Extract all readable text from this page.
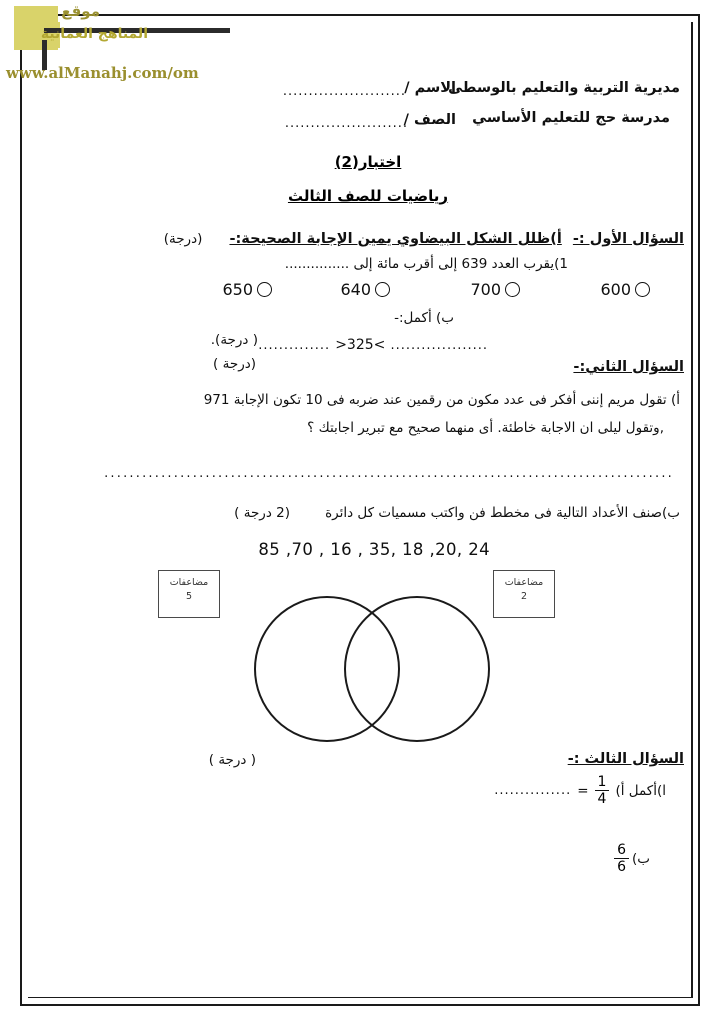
موقع
المناهج العمانية
www.alManahj.com/om
مديرية التربية والتعليم بالوسطى
مدرسة حج للتعليم الأساسي
الاسم /
........................
الصف /
........................
اختبار(2)
رياضيات للصف الثالث
السؤال الأول :- أ)ظلل الشكل البيضاوي يمين الإجابة الصحيحة:- (درجة)
1)يقرب العدد 639 إلى أقرب مائة إلى ...............
650	640	700	600
ب) أكمل:-
.............. >325< ...................
( درجة).
السؤال الثاني:-
(درجة )
أ) تقول مريم إننى أفكر فى عدد مكون من رقمين عند ضربه فى 10 تكون الإجابة 971
,وتقول ليلى ان الاجابة خاطئة. أى منهما صحيح مع تبرير اجابتك ؟
..........................................................................................
ب)صنف الأعداد التالية فى مخطط فن واكتب مسميات كل دائرة (2 درجة )
85 ,70 , 16 , 35, 18 ,20, 24
مضاعفات
2
مضاعفات
5
السؤال الثالث :-
( درجة )
ا)أكمل أ)
$\frac{1}{4}$
=
...............
ب)
$\frac{6}{6}$
